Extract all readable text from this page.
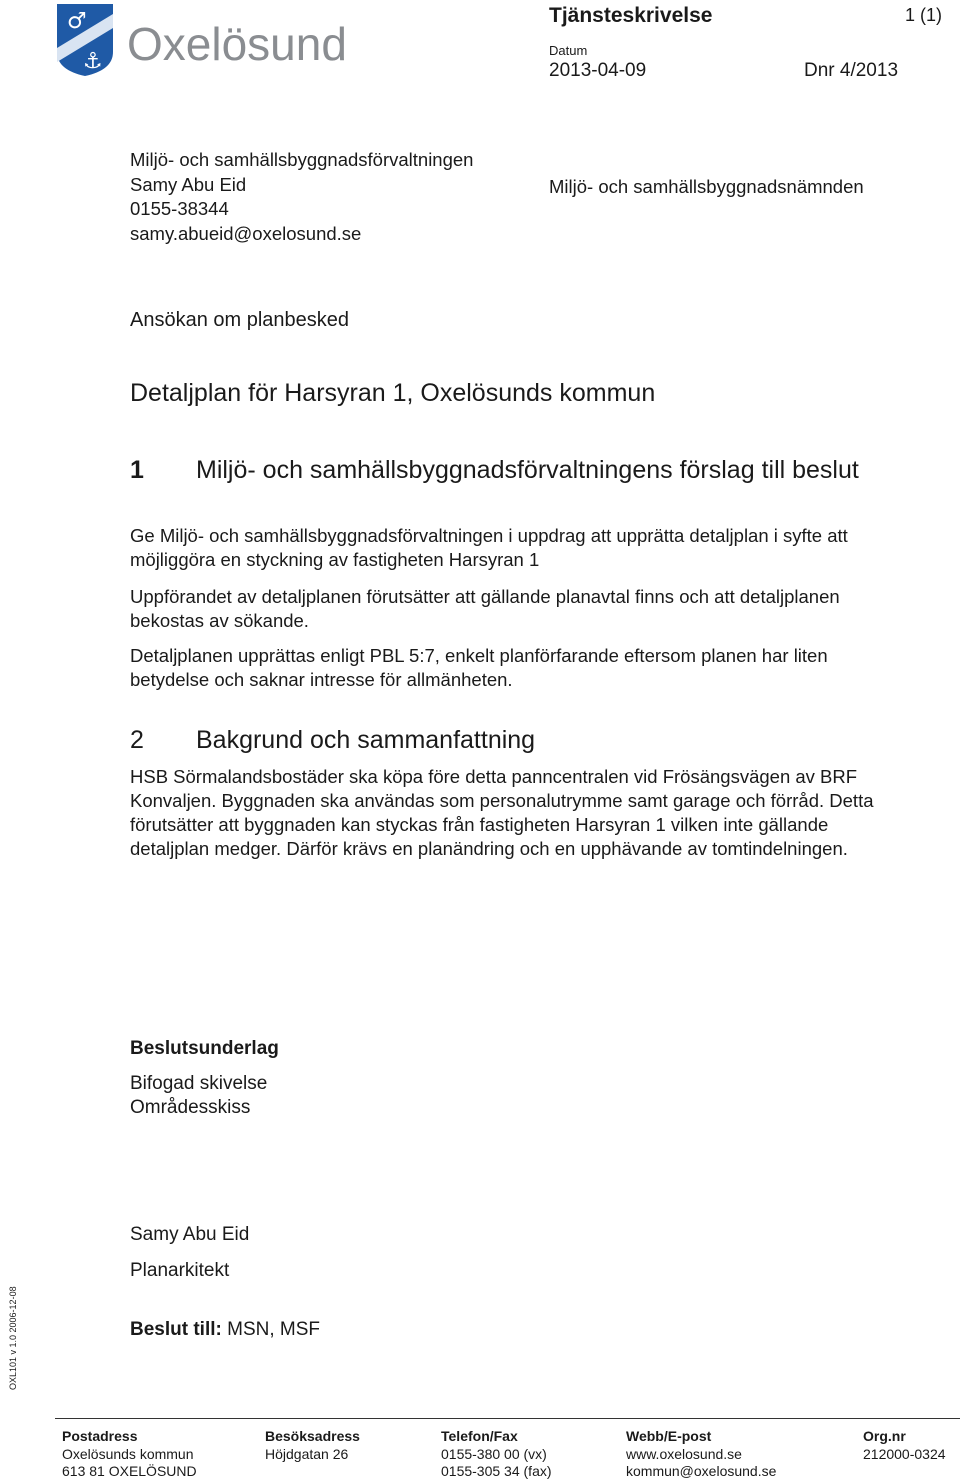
♂
⚓ Oxelösund
Tjänsteskrivelse	1 (1)
Datum
2013-04-09	Dnr 4/2013
Miljö- och samhällsbyggnadsförvaltningen
Samy Abu Eid
0155-38344
samy.abueid@oxelosund.se
Miljö- och samhällsbyggnadsnämnden
Ansökan om planbesked
Detaljplan för Harsyran 1, Oxelösunds kommun
1 Miljö- och samhällsbyggnadsförvaltningens förslag till beslut
Ge Miljö- och samhällsbyggnadsförvaltningen i uppdrag att upprätta detaljplan i syfte att möjliggöra en styckning av fastigheten Harsyran 1
Uppförandet av detaljplanen förutsätter att gällande planavtal finns och att detaljplanen bekostas av sökande.
Detaljplanen upprättas enligt PBL 5:7, enkelt planförfarande eftersom planen har liten betydelse och saknar intresse för allmänheten.
2 Bakgrund och sammanfattning
HSB Sörmalandsbostäder ska köpa före detta panncentralen vid Frösängsvägen av BRF Konvaljen. Byggnaden ska användas som personalutrymme samt garage och förråd. Detta förutsätter att byggnaden kan styckas från fastigheten Harsyran 1 vilken inte gällande detaljplan medger. Därför krävs en planändring och en upphävande av tomtindelningen.
Beslutsunderlag
Bifogad skivelse
Områdesskiss
Samy Abu Eid
Planarkitekt
Beslut till: MSN, MSF
OXL101 v 1.0 2006-12-08
Postadress
Oxelösunds kommun
613 81 OXELÖSUND
Besöksadress
Höjdgatan 26
Telefon/Fax
0155-380 00 (vx)
0155-305 34 (fax)
Webb/E-post
www.oxelosund.se
kommun@oxelosund.se
Org.nr
212000-0324
